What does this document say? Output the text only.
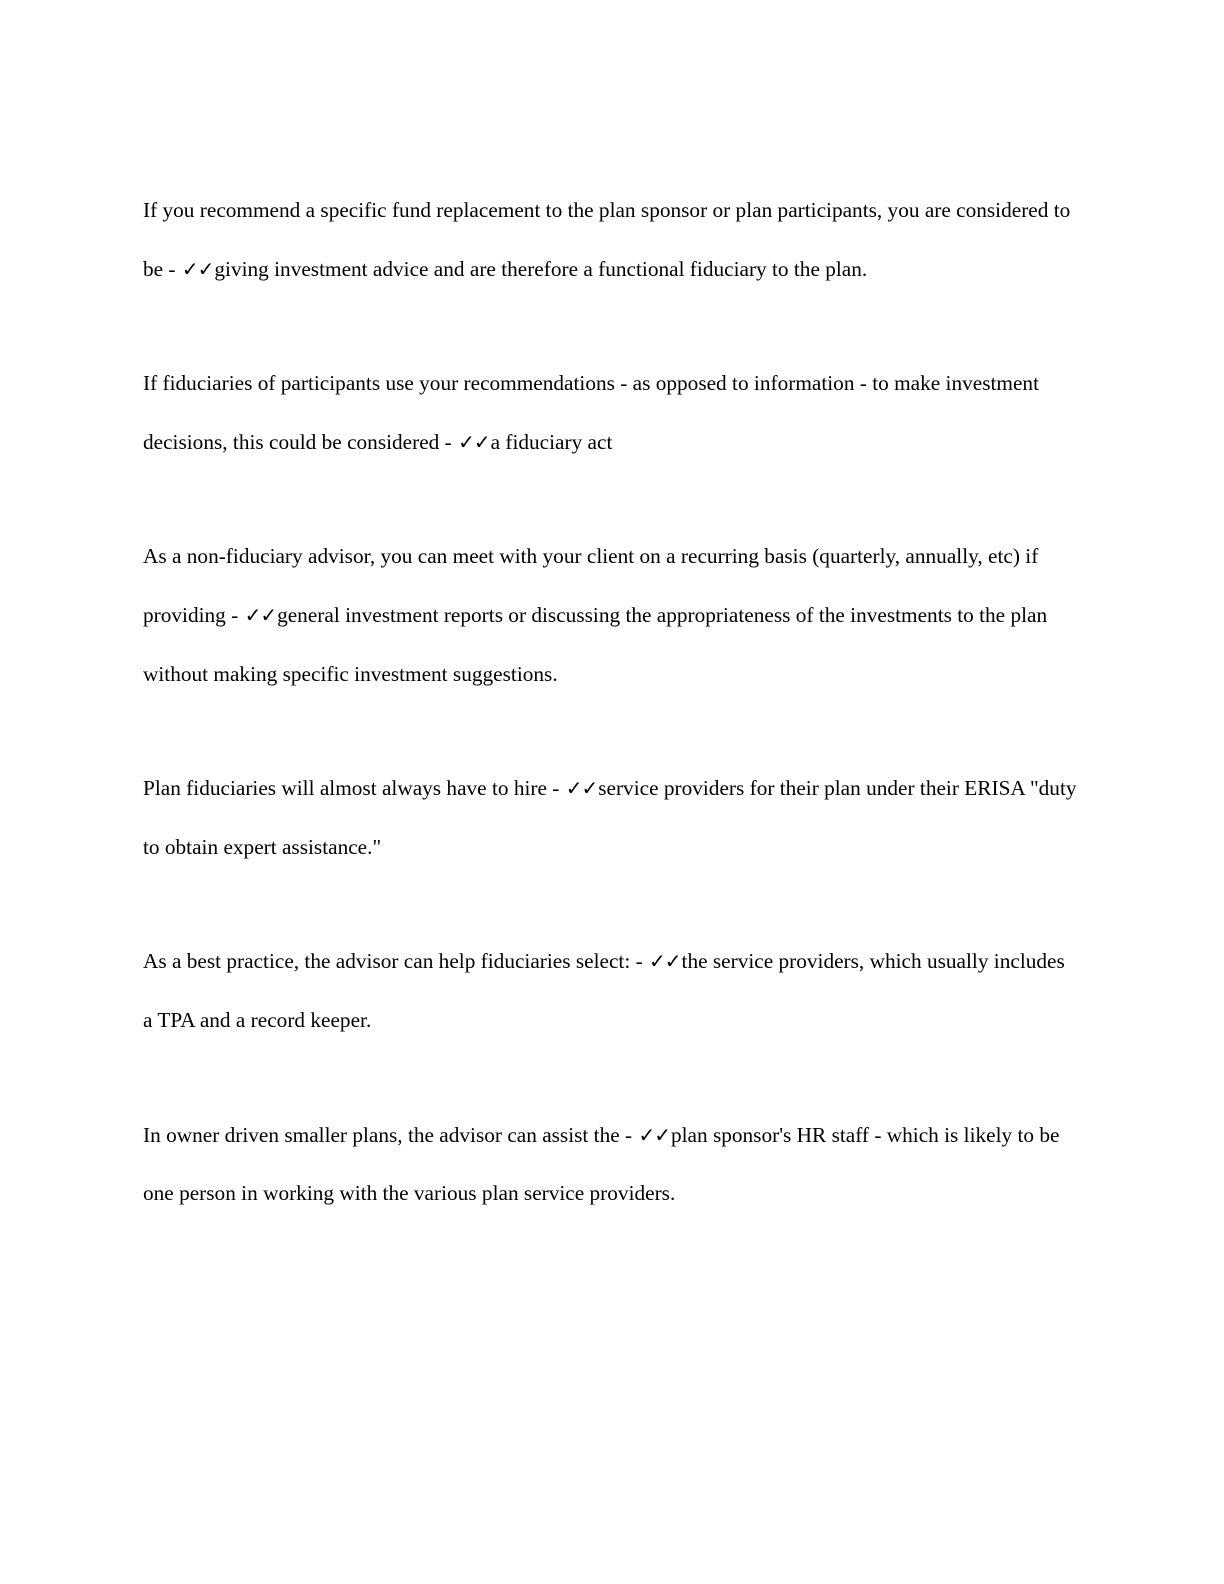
If you recommend a specific fund replacement to the plan sponsor or plan participants, you are considered to be - ✓✓giving investment advice and are therefore a functional fiduciary to the plan.

If fiduciaries of participants use your recommendations - as opposed to information - to make investment decisions, this could be considered - ✓✓a fiduciary act

As a non-fiduciary advisor, you can meet with your client on a recurring basis (quarterly, annually, etc) if providing - ✓✓general investment reports or discussing the appropriateness of the investments to the plan without making specific investment suggestions.

Plan fiduciaries will almost always have to hire - ✓✓service providers for their plan under their ERISA "duty to obtain expert assistance."

As a best practice, the advisor can help fiduciaries select: - ✓✓the service providers, which usually includes a TPA and a record keeper.

In owner driven smaller plans, the advisor can assist the - ✓✓plan sponsor's HR staff - which is likely to be one person in working with the various plan service providers.
